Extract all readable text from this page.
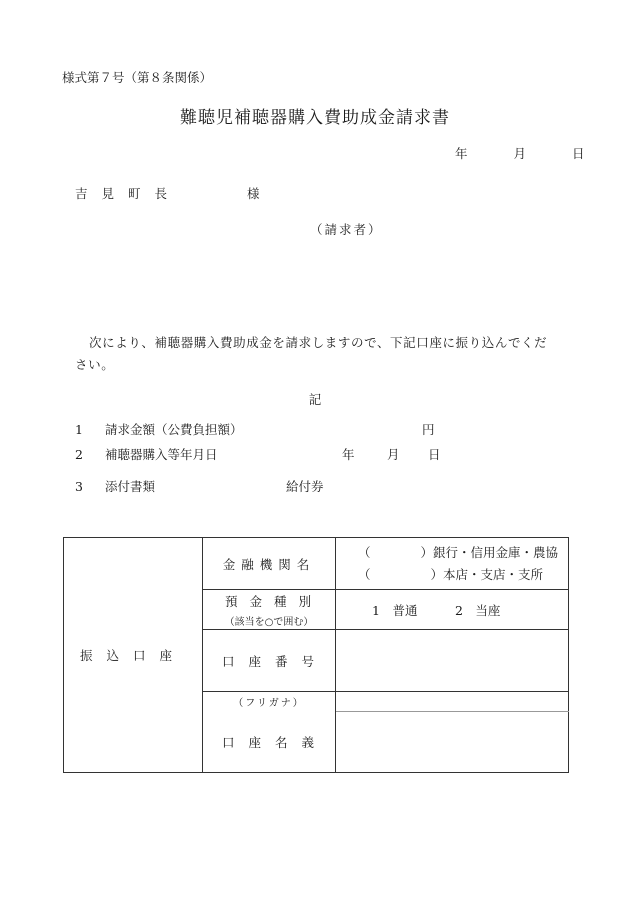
様式第７号（第８条関係）
難聴児補聴器購入費助成金請求書
年	月	日
吉見町長	様
（請求者）

次により、補聴器購入費助成金を請求しますので、下記口座に振り込んでください。

記
1 請求金額（公費負担額）	円
2 補聴器購入等年月日	年	月 日
3 添付書類	給付券
振込口座	金融機関名	（ ）銀行・信用金庫・農協
（ ）本店・支店・支所

	預金種別
（該当を○で囲む）	1　普通　　　2　当座
	口座番号	
	（フリガナ）	
	口座名義	
